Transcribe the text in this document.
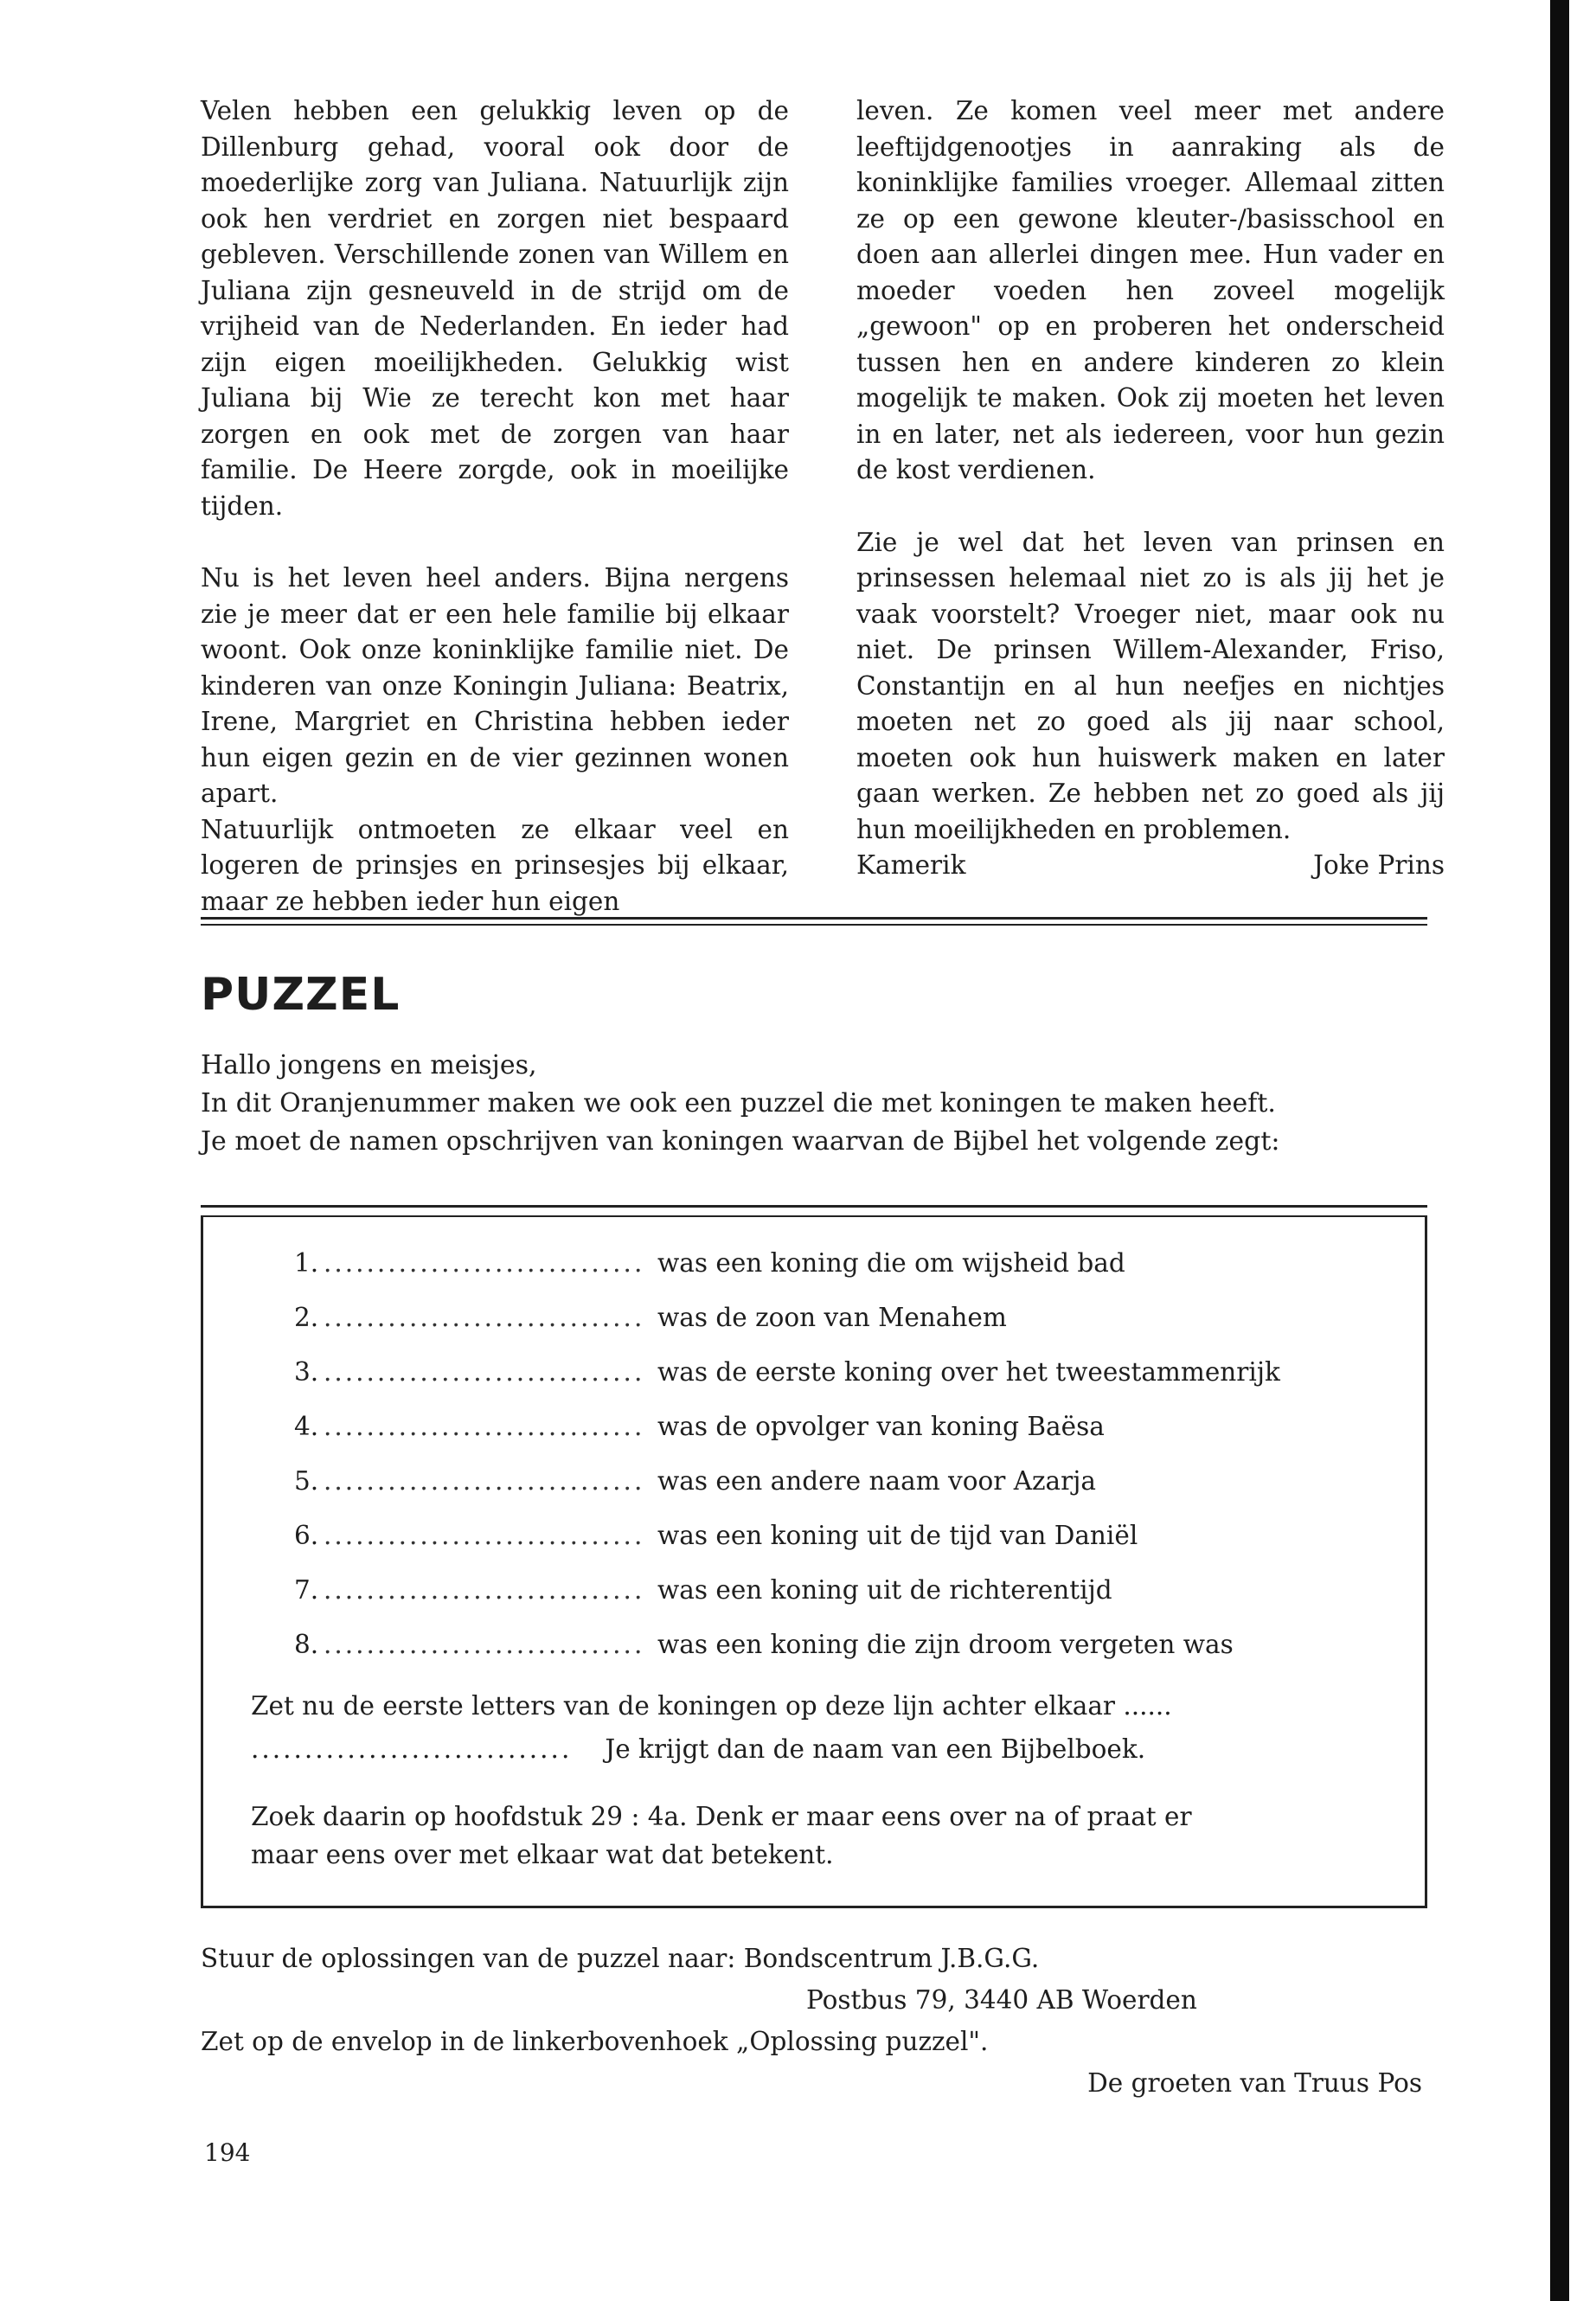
Velen hebben een gelukkig leven op de Dillenburg gehad, vooral ook door de moederlijke zorg van Juliana. Natuurlijk zijn ook hen verdriet en zorgen niet bespaard gebleven. Verschillende zonen van Willem en Juliana zijn gesneuveld in de strijd om de vrijheid van de Nederlanden. En ieder had zijn eigen moeilijkheden. Gelukkig wist Juliana bij Wie ze terecht kon met haar zorgen en ook met de zorgen van haar familie. De Heere zorgde, ook in moeilijke tijden.

Nu is het leven heel anders. Bijna nergens zie je meer dat er een hele familie bij elkaar woont. Ook onze koninklijke familie niet. De kinderen van onze Koningin Juliana: Beatrix, Irene, Margriet en Christina hebben ieder hun eigen gezin en de vier gezinnen wonen apart.

Natuurlijk ontmoeten ze elkaar veel en logeren de prinsjes en prinsesjes bij elkaar, maar ze hebben ieder hun eigen

leven. Ze komen veel meer met andere leeftijdgenootjes in aanraking als de koninklijke families vroeger. Allemaal zitten ze op een gewone kleuter-/basisschool en doen aan allerlei dingen mee. Hun vader en moeder voeden hen zoveel mogelijk „gewoon" op en proberen het onderscheid tussen hen en andere kinderen zo klein mogelijk te maken. Ook zij moeten het leven in en later, net als iedereen, voor hun gezin de kost verdienen.

Zie je wel dat het leven van prinsen en prinsessen helemaal niet zo is als jij het je vaak voorstelt? Vroeger niet, maar ook nu niet. De prinsen Willem-Alexander, Friso, Constantijn en al hun neefjes en nichtjes moeten net zo goed als jij naar school, moeten ook hun huiswerk maken en later gaan werken. Ze hebben net zo goed als jij hun moeilijkheden en problemen.

Kamerik	Joke Prins
PUZZEL

Hallo jongens en meisjes,

In dit Oranjenummer maken we ook een puzzel die met koningen te maken heeft.

Je moet de namen opschrijven van koningen waarvan de Bijbel het volgende zegt:

1. .............................. was een koning die om wijsheid bad
2. .............................. was de zoon van Menahem
3. .............................. was de eerste koning over het tweestammenrijk
4. .............................. was de opvolger van koning Baësa
5. .............................. was een andere naam voor Azarja
6. .............................. was een koning uit de tijd van Daniël
7. .............................. was een koning uit de richterentijd
8. .............................. was een koning die zijn droom vergeten was

Zet nu de eerste letters van de koningen op deze lijn achter elkaar ......

.............................. Je krijgt dan de naam van een Bijbelboek.

Zoek daarin op hoofdstuk 29 : 4a. Denk er maar eens over na of praat er

maar eens over met elkaar wat dat betekent.

Stuur de oplossingen van de puzzel naar: Bondscentrum J.B.G.G.

Postbus 79, 3440 AB Woerden

Zet op de envelop in de linkerbovenhoek „Oplossing puzzel".

De groeten van Truus Pos

194
